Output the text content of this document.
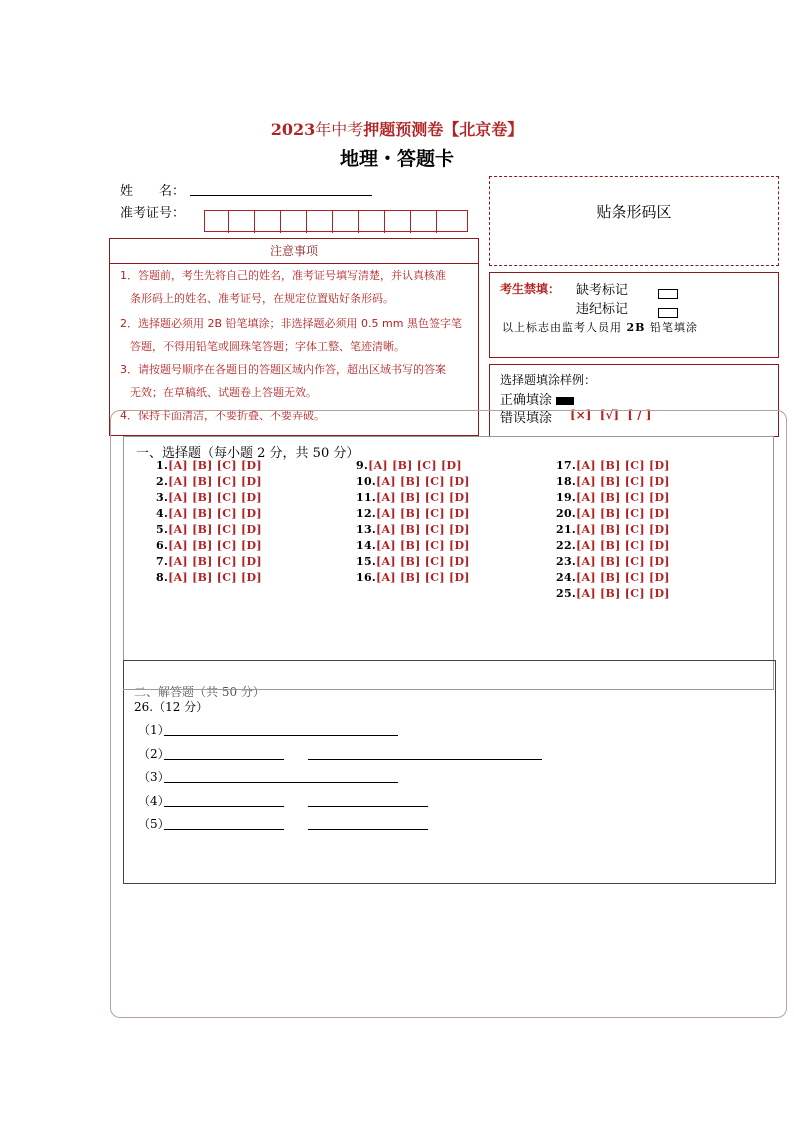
2023年中考押题预测卷【北京卷】
地理・答题卡
姓　　名：
准考证号：	贴条形码区
注意事项
1．答题前，考生先将自己的姓名，准考证号填写清楚，并认真核准
条形码上的姓名、准考证号，在规定位置贴好条形码。
2．选择题必须用 2B 铅笔填涂；非选择题必须用 0.5 mm 黑色签字笔
答题，不得用铅笔或圆珠笔答题；字体工整、笔迹清晰。
3．请按题号顺序在各题目的答题区域内作答，超出区域书写的答案
无效；在草稿纸、试题卷上答题无效。
4．保持卡面清洁，不要折叠、不要弄破。
考生禁填： 缺考标记
违纪标记
以上标志由监考人员用 2B 铅笔填涂
选择题填涂样例：
正确填涂
错误填涂 [×]  [√]  [ / ]
一、选择题（每小题 2 分，共 50 分）
1.[A] [B] [C] [D]
2.[A] [B] [C] [D]
3.[A] [B] [C] [D]
4.[A] [B] [C] [D]
5.[A] [B] [C] [D]
6.[A] [B] [C] [D]
7.[A] [B] [C] [D]
8.[A] [B] [C] [D]
9.[A] [B] [C] [D]
10.[A] [B] [C] [D]
11.[A] [B] [C] [D]
12.[A] [B] [C] [D]
13.[A] [B] [C] [D]
14.[A] [B] [C] [D]
15.[A] [B] [C] [D]
16.[A] [B] [C] [D]
17.[A] [B] [C] [D]
18.[A] [B] [C] [D]
19.[A] [B] [C] [D]
20.[A] [B] [C] [D]
21.[A] [B] [C] [D]
22.[A] [B] [C] [D]
23.[A] [B] [C] [D]
24.[A] [B] [C] [D]
25.[A] [B] [C] [D]
二、解答题（共 50 分）
26.（12 分）
（1）
（2）
（3）
（4）
（5）
